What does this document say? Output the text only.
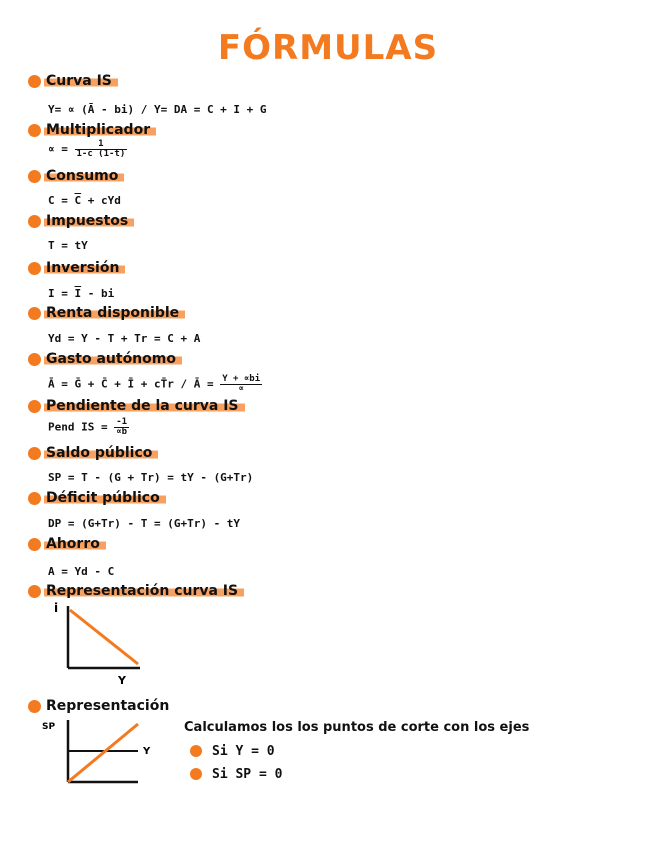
FÓRMULAS
Curva IS
Y= ∝ (Ā - bi) / Y= DA = C + I + G
Multiplicador
∝ = $\frac{1}{1-c (1-t)}$
Consumo
$C = \overline{C}$ + cYd
Impuestos
T = tY
Inversión
$I = \overline{I}$ - bi
Renta disponible
Yd = Y - T + Tr = C + A
Gasto autónomo
Ā = Ḡ + C̄ + Ī + cT̄r / Ā = $\frac{Y + \propto bi}{\propto}$
Pendiente de la curva IS
Pend IS = $\frac{-1}{\propto b}$
Saldo público
SP = T - (G + Tr) = tY - (G+Tr)
Déficit público
DP = (G+Tr) - T = (G+Tr) - tY
Ahorro
A = Yd - C
Representación curva IS
i
Y
Representación
SP
Y
Calculamos los los puntos de corte con los ejes
Si Y = 0
Si SP = 0
